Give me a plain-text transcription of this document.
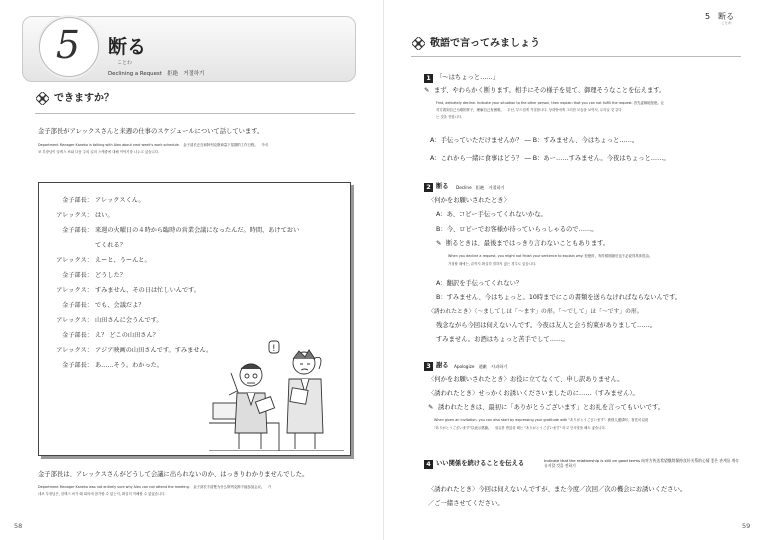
5	断る
ことわ
Declining a Request　拒絶　거절하기
できますか？
金子部長がアレックスさんと来週の仕事のスケジュールについて話しています。
Department Manager Kaneko is talking with Alex about next week's work schedule.　金子部长正在和阿列克斯商量下星期的工作日程。　가네
코 부장님이 알렉스 씨와 다음 주의 일의 스케줄에 대해 이야기를 나누고 있습니다.
金子部長： アレックスくん。
アレックス： はい。
金子部長： 来週の火曜日の４時から臨時の営業会議になったんだ。時間、あけておい
てくれる？
アレックス： えーと、うーんと。
金子部長： どうした？
アレックス： すみません、その日は忙しいんです。
金子部長： でも、会議だよ？
アレックス： 山田さんに会うんです。
金子部長： え？ どこの山田さん？
アレックス： アジア映画の山田さんです。すみません。
金子部長： あ……そう。わかった。
!
金子部長は、アレックスさんがどうして会議に出られないのか、はっきりわかりませんでした。
Department Manager Kaneko was not entirely sure why Alex can not attend the meeting.　金子部长不清楚为什么阿列克斯不能参加会议。　가
네코 부장님은, 알렉스 씨가 왜 회의에 참가할 수 없는지, 확실히 이해할 수 없었습니다.
58
5　断る
ことわ
敬語で言ってみましょう
1 「～はちょっと……」
✎ まず、やわらかく断ります。相手にその様子を見て、御理そうなことを伝えます。
First, delicately decline. Indicate your situation to the other person, then explain that you can not fulfill the request. 首先委婉地拒绝。让
对方看到自己为难的样子，理解自己有困难。　우선, 부드럽게 거절합니다. 상대방에게 그러한 모습을 보여서, 무리일 것 같다
는 것을 전합니다.
A：手伝っていただけませんか？ ― B：すみません、今はちょっと……。
A：これから一緒に食事はどう？ ― B：あー……すみません。今夜はちょっと……。
2 断る Decline　拒絶　거절하기
〈何かをお願いされたとき〉
A：あ、コピー手伝ってくれないかな。
B：今、ロビーでお客様が待っていらっしゃるので……。
✎ 断るときは、最後まではっきり言わないこともあります。
When you decline a request, you might not finish your sentence to explain why. 拒绝时，有时候刚最后也不必说得具体很由。
거절할 때에는, 끝까지 확실히 말하지 않는 경우도 있습니다.
A：翻訳を手伝ってくれない？
B：すみません、今はちょっと。10時までにこの書類を送らなければならないんです。
〈誘われたとき〉〈～ましてしは「～ます」の形。「～でして」は「～です」の形。
残念ながら今回は伺えないんです。今夜は友人と会う約束がありまして……。
すみません。お酒はちょっと苦手でして……。
3 謝る Apologize　道歉　사과하기
〈何かをお願いされたとき〉お役に立てなくて、申し訳ありません。
〈誘われたとき〉せっかくお誘いくださいましたのに……（すみません）。
✎ 誘われたときは、最初に「ありがとうございます」とお礼を言ってもいいです。
When given an invitation, you can also start by expressing your gratitude with "ありがとうございます". 被别人邀请时，首先可以说
"ありがとうございます"以表示感谢。　권유를 받았을 때는 "ありがとうございます" 라고 인사말을 해도 좋습니다.
4 いい関係を続けることを伝える	Indicate that the relationship is still on good terms 向对方传达希望继续保持良好关系的心情 좋은 관계를 계속 유지할 것을 전하기
〈誘われたとき〉今回は伺えないんですが、また今度／次回／次の機会にお誘いください。
／ご一緒させてください。
59
